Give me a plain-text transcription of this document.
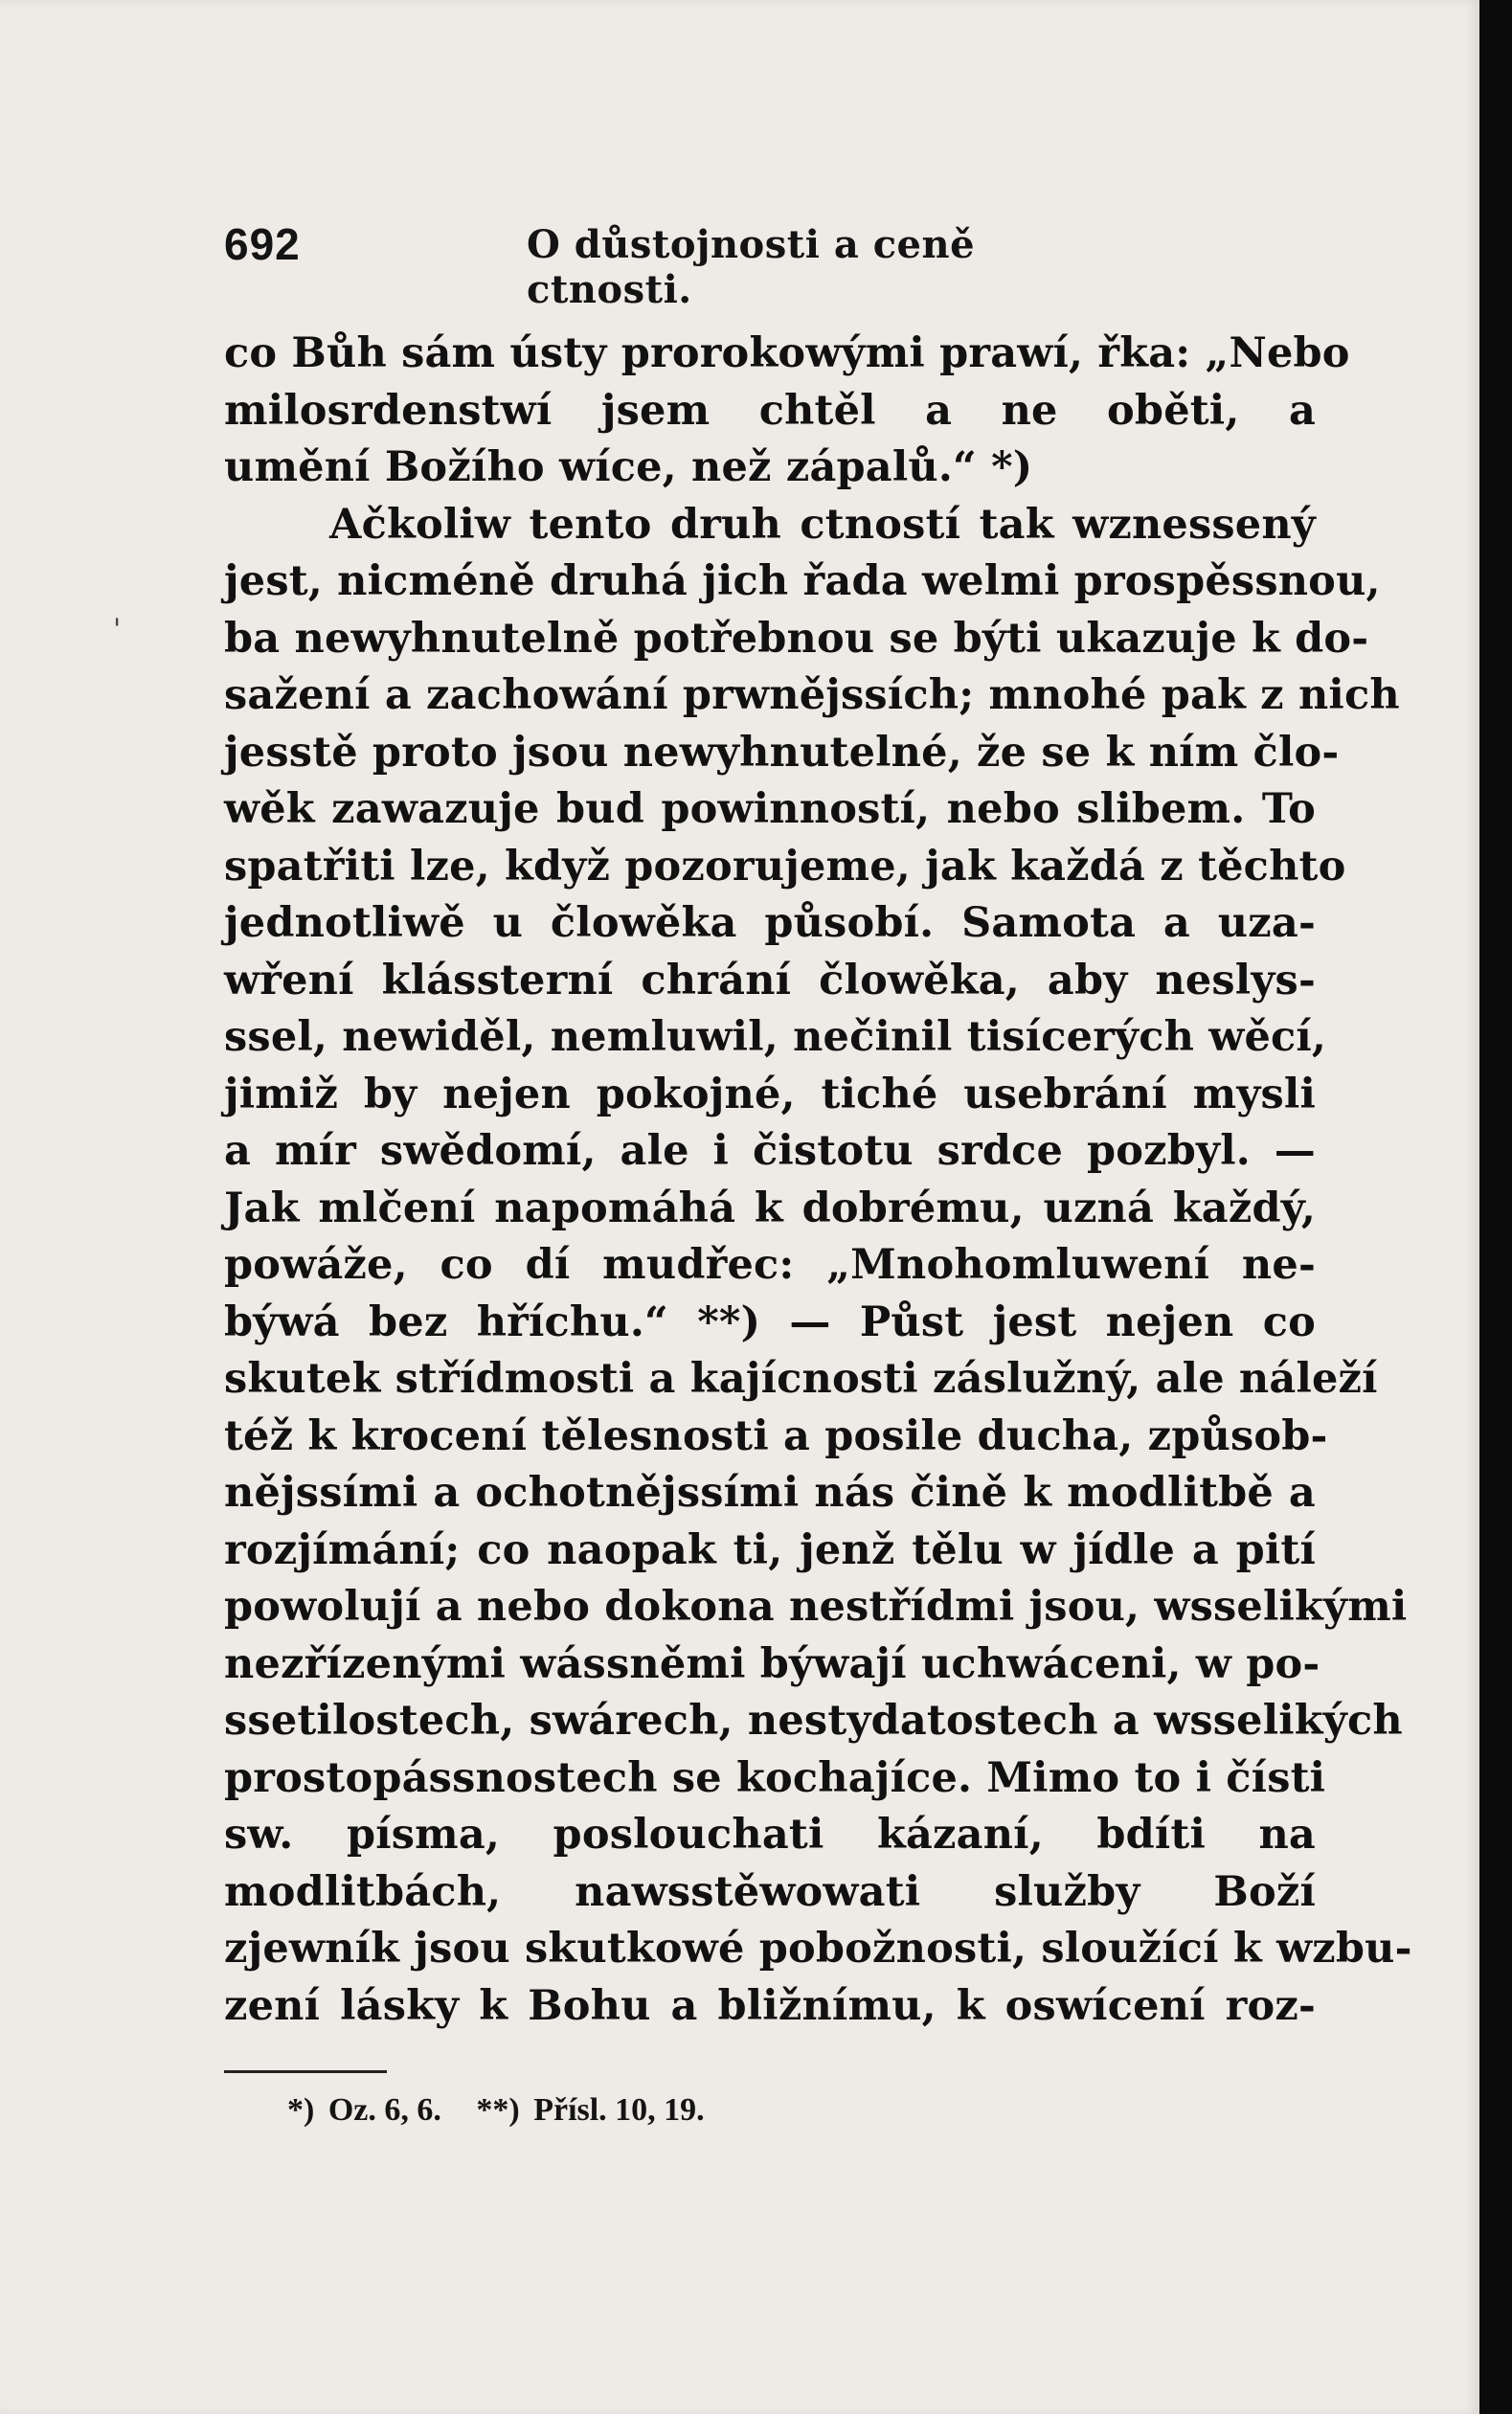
692	O důstojnosti a ceně ctnosti.
'
co Bůh sám ústy prorokowými prawí, řka: „Nebo
milosrdenstwí jsem chtěl a ne oběti, a
umění Božího wíce, než zápalů.“ *)
Ačkoliw tento druh ctností tak wznessený
jest, nicméně druhá jich řada welmi prospěssnou,
ba newyhnutelně potřebnou se býti ukazuje k do-
sažení a zachowání prwnějssích; mnohé pak z nich
jesstě proto jsou newyhnutelné, že se k ním člo-
wěk zawazuje bud powinností, nebo slibem. To
spatřiti lze, když pozorujeme, jak každá z těchto
jednotliwě u člowěka působí. Samota a uza-
wření klássterní chrání člowěka, aby neslys-
ssel, newiděl, nemluwil, nečinil tisícerých wěcí,
jimiž by nejen pokojné, tiché usebrání mysli
a mír swědomí, ale i čistotu srdce pozbyl. —
Jak mlčení napomáhá k dobrému, uzná každý,
powáže, co dí mudřec: „Mnohomluwení ne-
býwá bez hříchu.“ **) — Půst jest nejen co
skutek střídmosti a kajícnosti záslužný, ale náleží
též k krocení tělesnosti a posile ducha, způsob-
nějssími a ochotnějssími nás čině k modlitbě a
rozjímání; co naopak ti, jenž tělu w jídle a pití
powolují a nebo dokona nestřídmi jsou, wsselikými
nezřízenými wássněmi býwají uchwáceni, w po-
ssetilostech, swárech, nestydatostech a wsselikých
prostopássnostech se kochajíce. Mimo to i čísti
sw. písma, poslouchati kázaní, bdíti na
modlitbách, nawsstěwowati služby Boží
zjewník jsou skutkowé pobožnosti, sloužící k wzbu-
zení lásky k Bohu a bližnímu, k oswícení roz-
*) Oz. 6, 6. **) Přísl. 10, 19.
